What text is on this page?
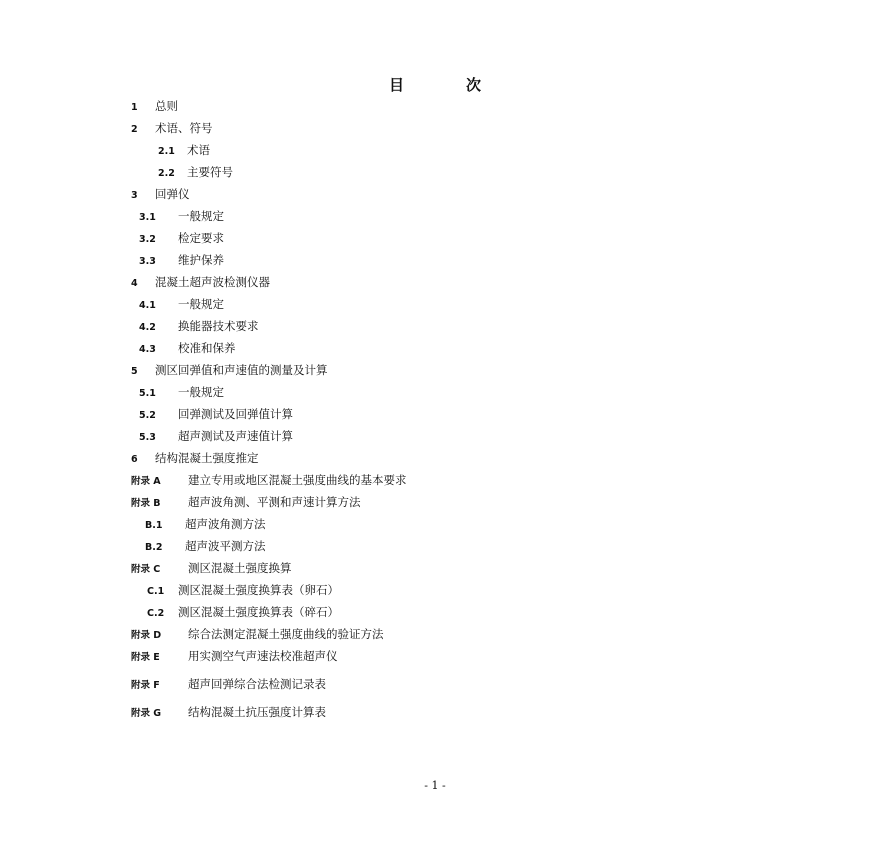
目	次
1	总则
2	术语、符号
2.1	术语
2.2	主要符号
3	回弹仪
3.1	一般规定
3.2	检定要求
3.3	维护保养
4	混凝土超声波检测仪器
4.1	一般规定
4.2	换能器技术要求
4.3	校准和保养
5	测区回弹值和声速值的测量及计算
5.1	一般规定
5.2	回弹测试及回弹值计算
5.3	超声测试及声速值计算
6	结构混凝土强度推定
附录 A	建立专用或地区混凝土强度曲线的基本要求
附录 B	超声波角测、平测和声速计算方法
B.1	超声波角测方法
B.2	超声波平测方法
附录 C	测区混凝土强度换算
C.1	测区混凝土强度换算表（卵石）
C.2	测区混凝土强度换算表（碎石）
附录 D	综合法测定混凝土强度曲线的验证方法
附录 E	用实测空气声速法校准超声仪
附录 F	超声回弹综合法检测记录表
附录 G	结构混凝土抗压强度计算表
- 1 -
